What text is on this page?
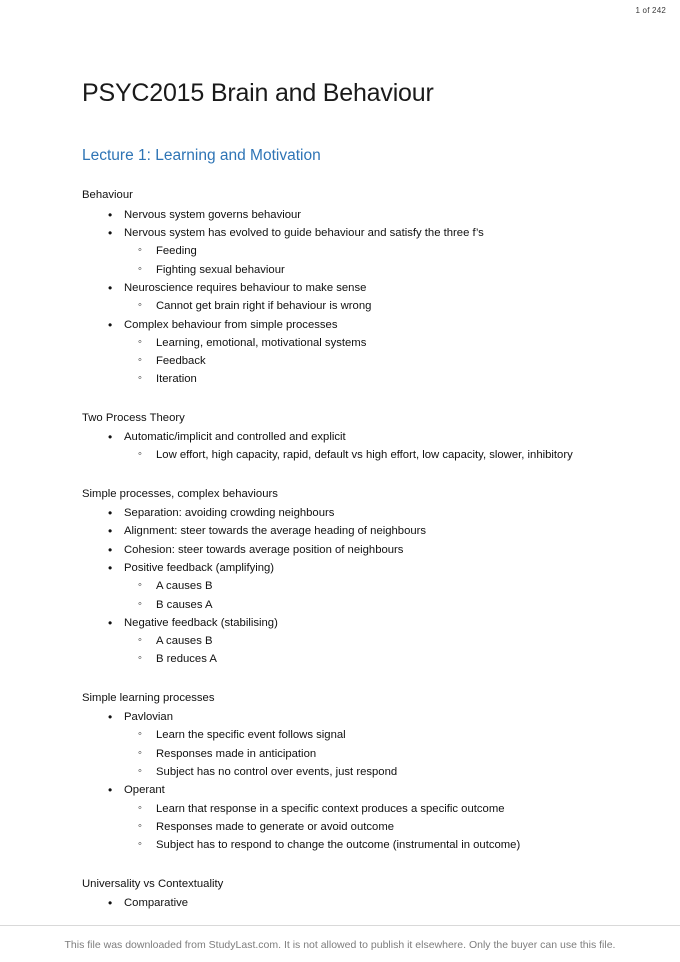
1 of 242
PSYC2015 Brain and Behaviour
Lecture 1: Learning and Motivation

Behaviour

• Nervous system governs behaviour
• Nervous system has evolved to guide behaviour and satisfy the three f’s
◦ Feeding
◦ Fighting sexual behaviour
• Neuroscience requires behaviour to make sense
◦ Cannot get brain right if behaviour is wrong
• Complex behaviour from simple processes
◦ Learning, emotional, motivational systems
◦ Feedback
◦ Iteration

Two Process Theory

• Automatic/implicit and controlled and explicit
◦ Low effort, high capacity, rapid, default vs high effort, low capacity, slower, inhibitory

Simple processes, complex behaviours

• Separation: avoiding crowding neighbours
• Alignment: steer towards the average heading of neighbours
• Cohesion: steer towards average position of neighbours
• Positive feedback (amplifying)
◦ A causes B
◦ B causes A
• Negative feedback (stabilising)
◦ A causes B
◦ B reduces A

Simple learning processes

• Pavlovian
◦ Learn the specific event follows signal
◦ Responses made in anticipation
◦ Subject has no control over events, just respond
• Operant
◦ Learn that response in a specific context produces a specific outcome
◦ Responses made to generate or avoid outcome
◦ Subject has to respond to change the outcome (instrumental in outcome)

Universality vs Contextuality

• Comparative
This file was downloaded from StudyLast.com. It is not allowed to publish it elsewhere. Only the buyer can use this file.
